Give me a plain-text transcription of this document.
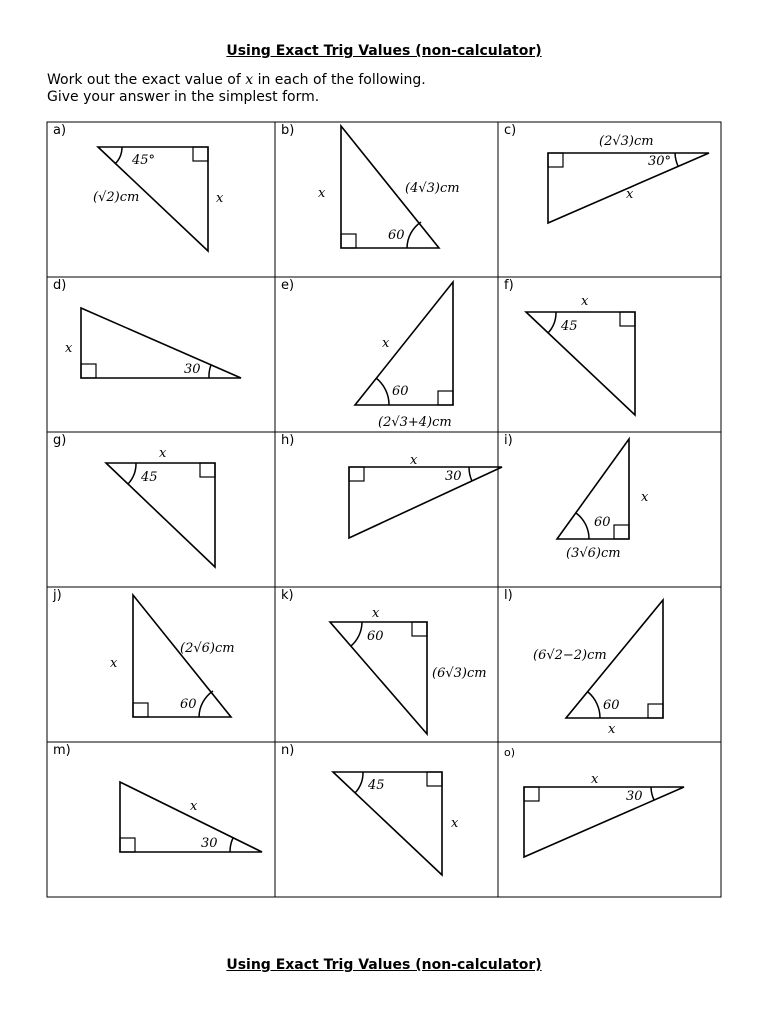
Using Exact Trig Values (non-calculator)
Work out the exact value of x in each of the following.
Give your answer in the simplest form.
Using Exact Trig Values (non-calculator)
a)
45°
(√2)cm	x
b)
60
(4√3)cm
x
c)
30°
(2√3)cm
x
d)
30
x
e)
60
(2√3+4)cm
x
f)
45
x
g)
45
x
h)
30
x
i)
60
(3√6)cm
x
j)
60
(2√6)cm
x
k)
60
(6√3)cm
x
l)
60
(6√2−2)cm
x
m)
30
x
n)
45
x
o)
30
x
